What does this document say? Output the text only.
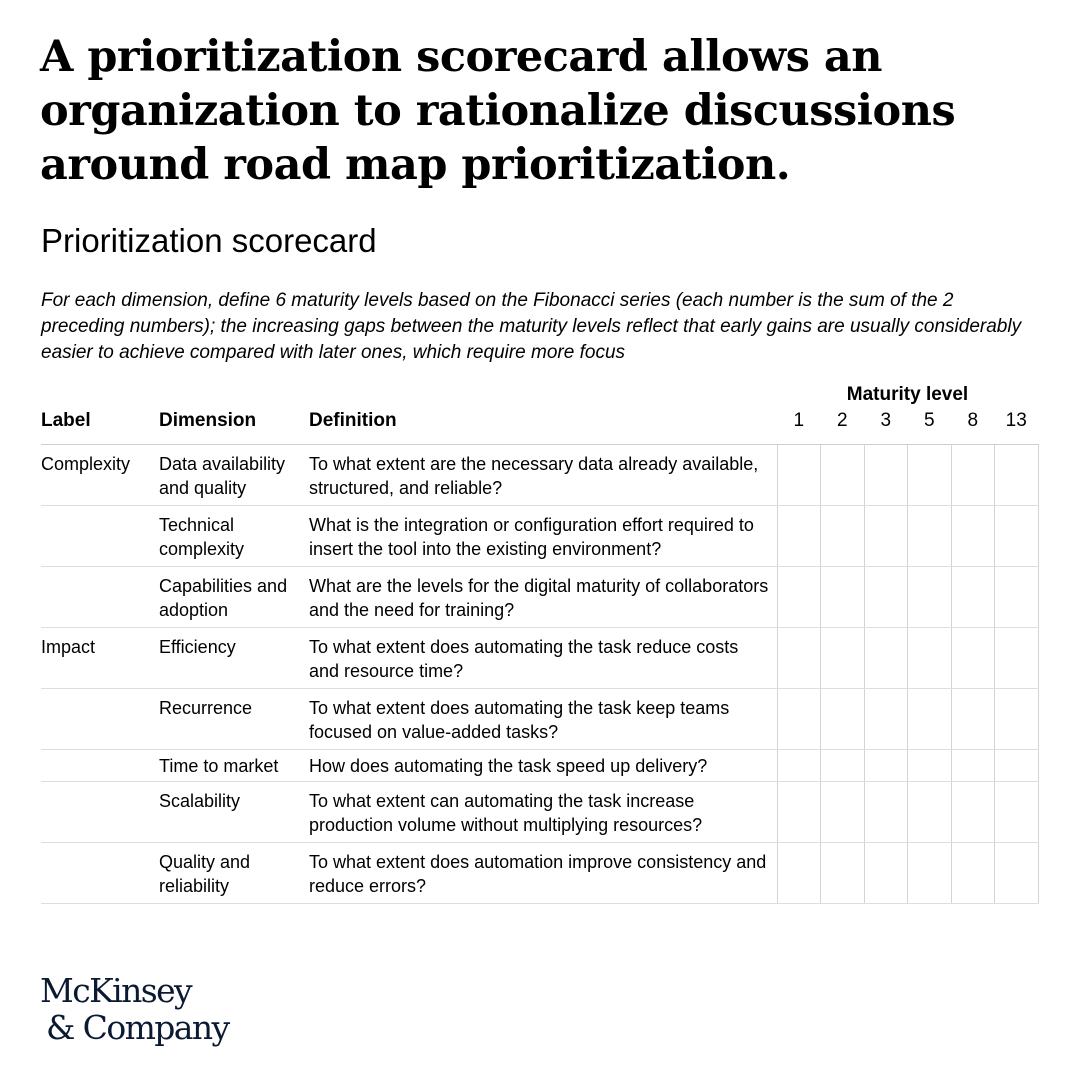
A prioritization scorecard allows an organization to rationalize discussions around road map prioritization.
Prioritization scorecard
For each dimension, define 6 maturity levels based on the Fibonacci series (each number is the sum of the 2 preceding numbers); the increasing gaps between the maturity levels reflect that early gains are usually considerably easier to achieve compared with later ones, which require more focus
Maturity level
Label	Dimension	Definition	1	2	3	5	8	13
Complexity	Data availability and quality	To what extent are the necessary data already available, structured, and reliable?						
	Technical complexity	What is the integration or configuration effort required to insert the tool into the existing environment?						
	Capabilities and adoption	What are the levels for the digital maturity of collaborators and the need for training?						
Impact	Efficiency	To what extent does automating the task reduce costs and resource time?						
	Recurrence	To what extent does automating the task keep teams focused on value-added tasks?						
	Time to market	How does automating the task speed up delivery?						
	Scalability	To what extent can automating the task increase production volume without multiplying resources?						
	Quality and reliability	To what extent does automation improve consistency and reduce errors?						
McKinsey
& Company
